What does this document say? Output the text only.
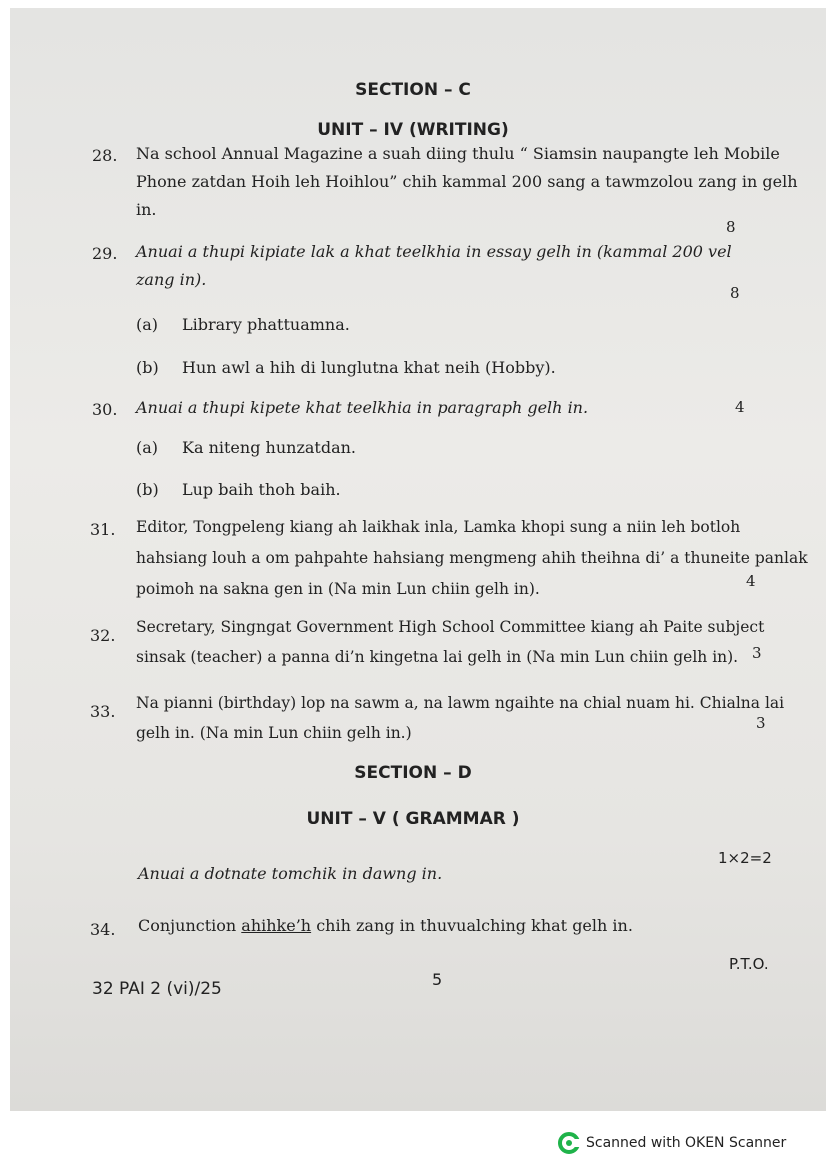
SECTION – C
UNIT – IV (WRITING)
28. Na school Annual Magazine a suah diing thulu “ Siamsin naupangte leh Mobile
Phone zatdan Hoih leh Hoihlou” chih kammal 200 sang a tawmzolou zang in gelh
in.
8
29. Anuai a thupi kipiate lak a khat teelkhia in essay gelh in (kammal 200 vel
zang in).
8
(a) Library phattuamna.
(b) Hun awl a hih di lunglutna khat neih (Hobby).
30. Anuai a thupi kipete khat teelkhia in paragraph gelh in.	4
(a) Ka niteng hunzatdan.
(b) Lup baih thoh baih.
31. Editor, Tongpeleng kiang ah laikhak inla, Lamka khopi sung a niin leh botloh
hahsiang louh a om pahpahte hahsiang mengmeng ahih theihna di’ a thuneite panlak
poimoh na sakna gen in (Na min Lun chiin gelh in).	4
32. Secretary, Singngat Government High School Committee kiang ah Paite subject
sinsak (teacher) a panna di’n kingetna lai gelh in (Na min Lun chiin gelh in). 3
33. Na pianni (birthday) lop na sawm a, na lawm ngaihte na chial nuam hi. Chialna lai
gelh in. (Na min Lun chiin gelh in.)
3
SECTION – D
UNIT – V ( GRAMMAR )
Anuai a dotnate tomchik in dawng in.
1×2=2
34. Conjunction ahihke’h chih zang in thuvualching khat gelh in.
P.T.O.
5
32 PAI 2 (vi)/25
Scanned with OKEN Scanner
